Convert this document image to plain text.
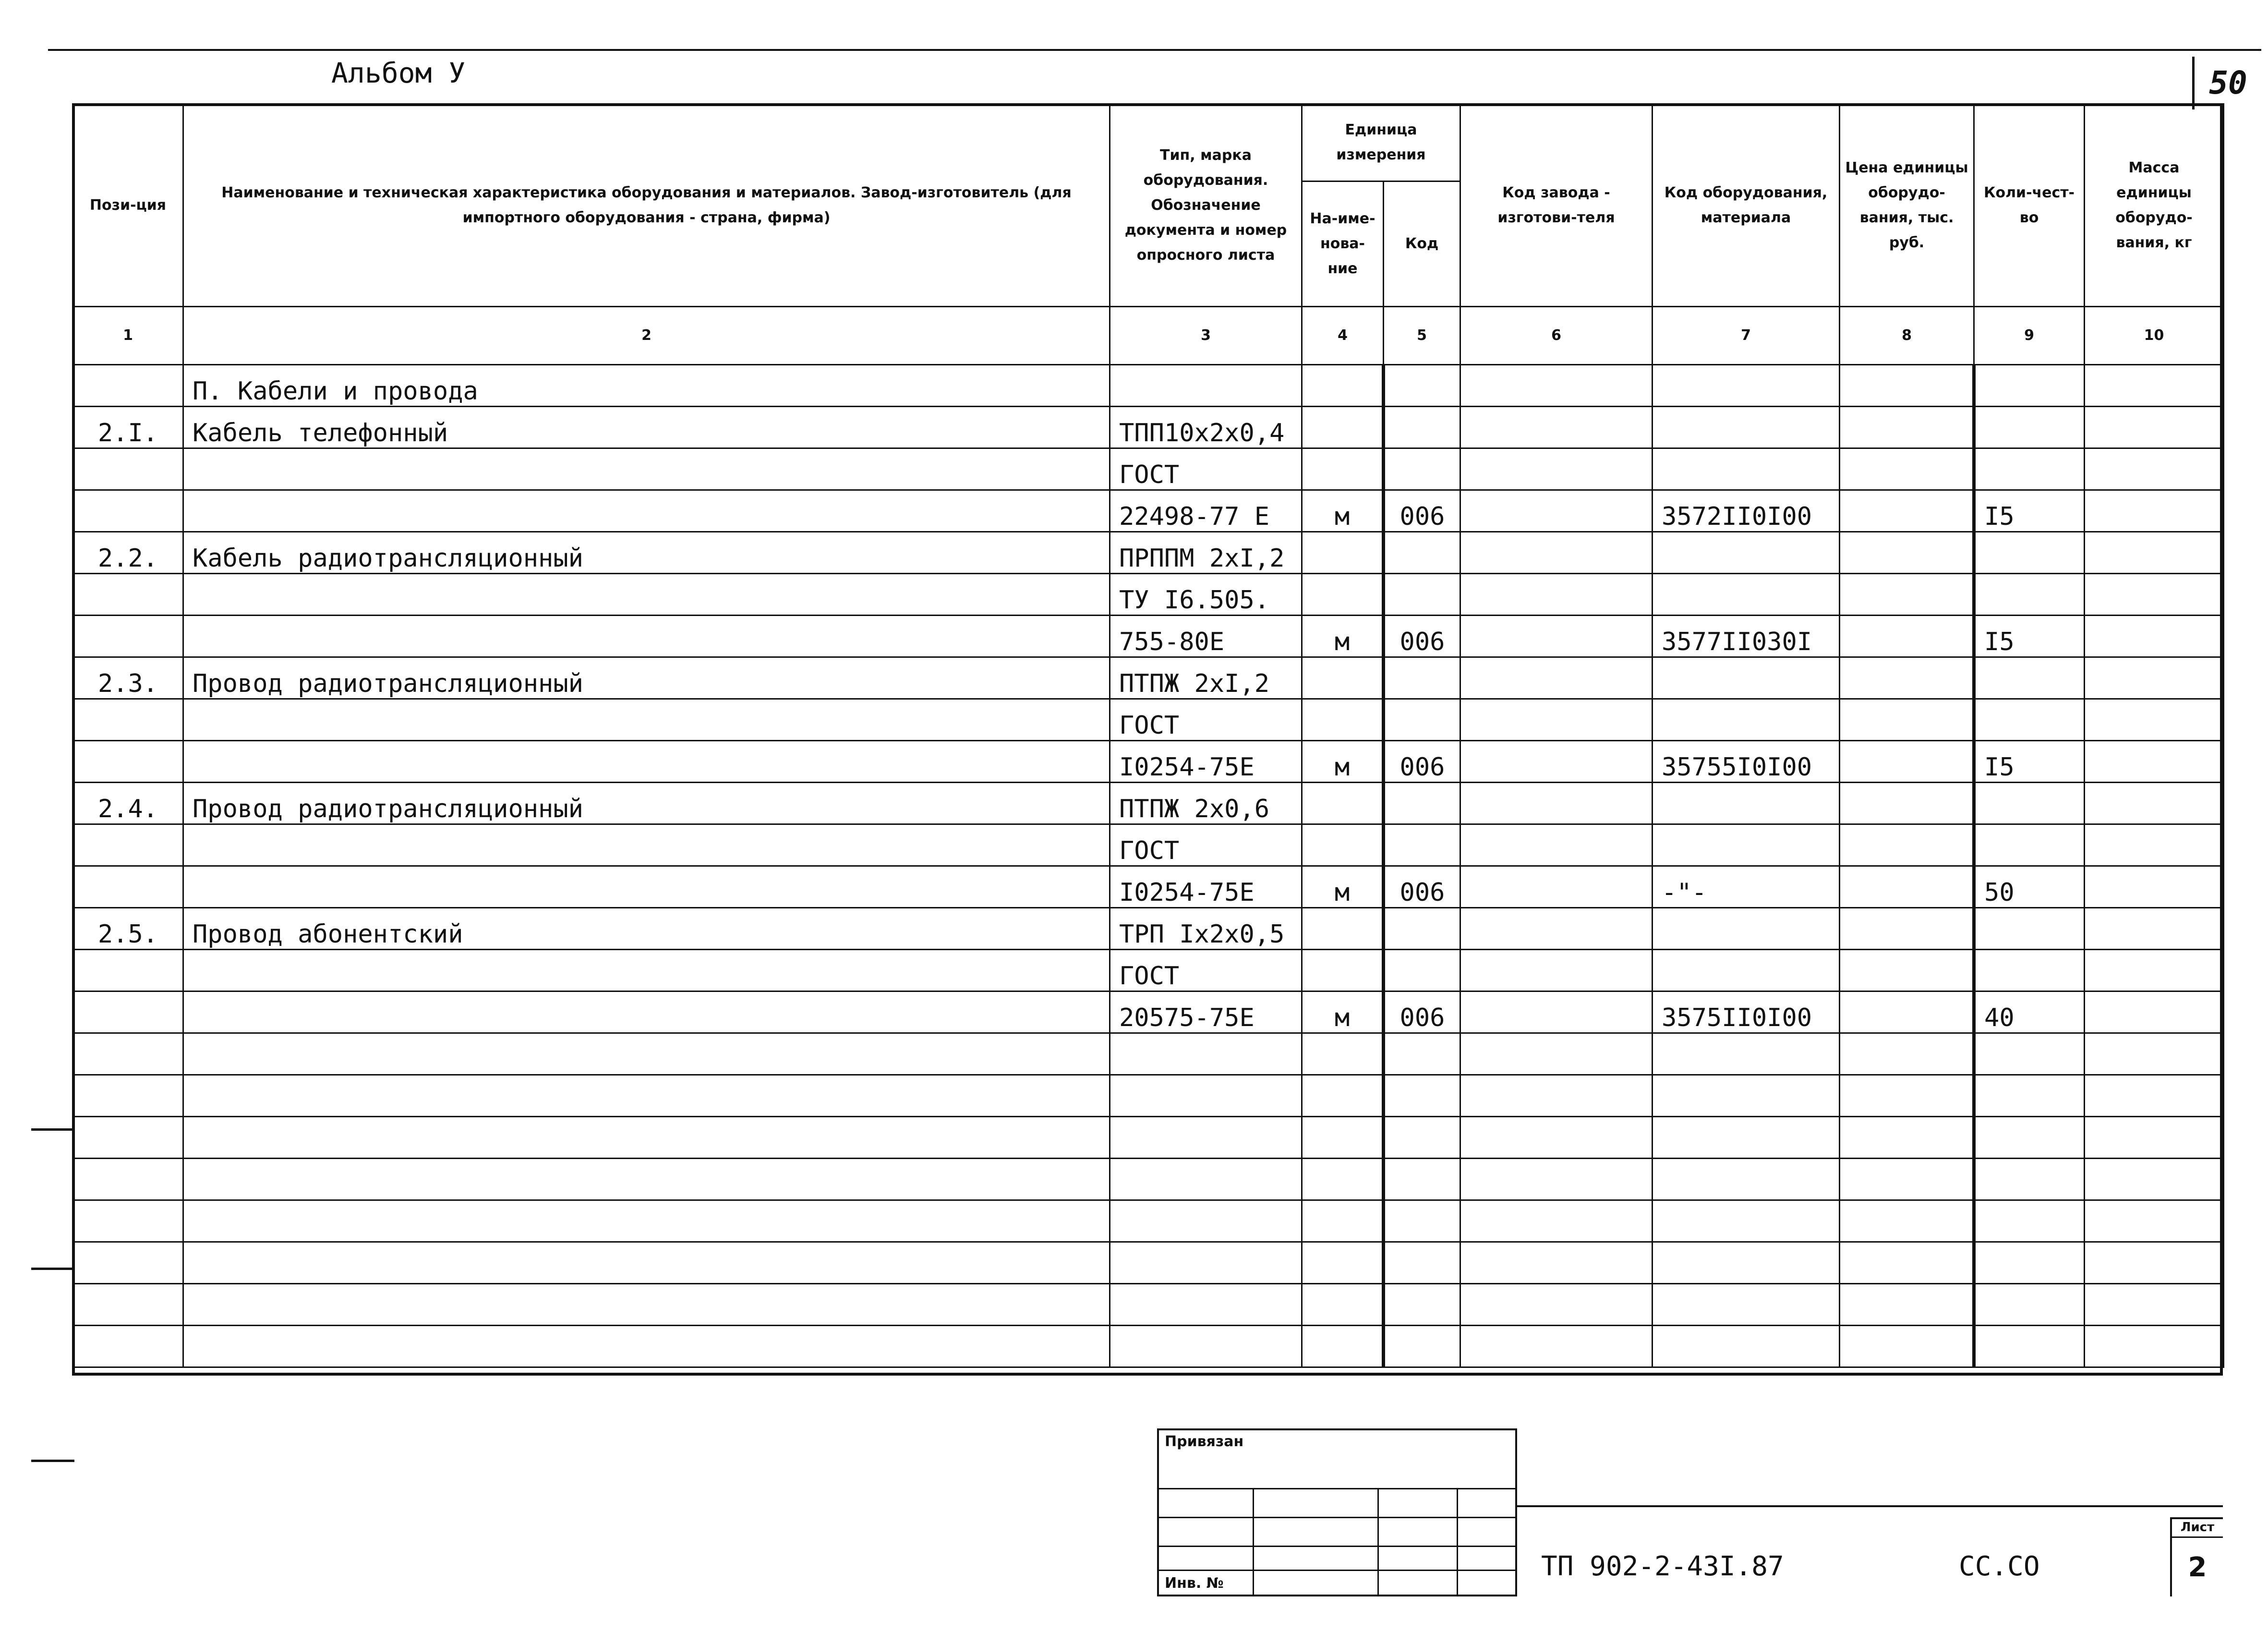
Альбом У	50
Пози-ция	Наименование и техническая характеристика оборудования и материалов. Завод-изготовитель (для импортного оборудования - страна, фирма)	Тип, марка оборудования. Обозначение документа и номер опросного листа	Единица измерения		Код завода - изготови-теля	Код оборудования, материала	Цена единицы оборудо-вания, тыс. руб.	Коли-чест-во	Масса единицы оборудо-вания, кг
			На-име-нова-ние	Код					
1	2	3	4	5	6	7	8	9	10
	П. Кабели и провода								
2.I.	Кабель телефонный	ТПП10х2х0,4							
		ГОСТ							
		22498-77 Е	м	006		3572II0I00		I5	
2.2.	Кабель радиотрансляционный	ПРППМ 2хI,2							
		ТУ I6.505.							
		755-80Е	м	006		3577II030I		I5	
2.3.	Провод радиотрансляционный	ПТПЖ 2хI,2							
		ГОСТ							
		I0254-75Е	м	006		35755I0I00		I5	
2.4.	Провод радиотрансляционный	ПТПЖ 2х0,6							
		ГОСТ							
		I0254-75Е	м	006		-"-		50	
2.5.	Провод абонентский	ТРП Iх2х0,5							
		ГОСТ							
		20575-75Е	м	006		3575II0I00		40	

Привязан
Инв. №
ТП 902-2-43I.87	СС.СО
Лист
2
